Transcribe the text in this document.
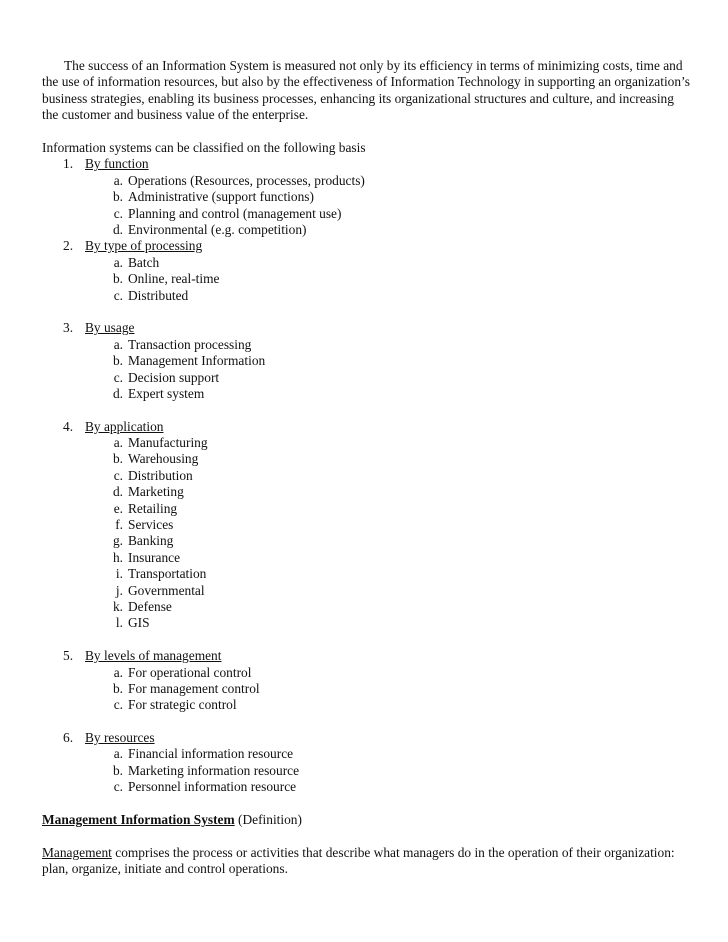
The success of an Information System is measured not only by its efficiency in terms of minimizing costs, time and the use of information resources, but also by the effectiveness of Information Technology in supporting an organization’s business strategies, enabling its business processes, enhancing its organizational structures and culture, and increasing the customer and business value of the enterprise.

Information systems can be classified on the following basis

1. By function
a. Operations (Resources, processes, products)
b. Administrative (support functions)
c. Planning and control (management use)
d. Environmental (e.g. competition)
2. By type of processing
a. Batch
b. Online, real-time
c. Distributed
3. By usage
a. Transaction processing
b. Management Information
c. Decision support
d. Expert system
4. By application
a. Manufacturing
b. Warehousing
c. Distribution
d. Marketing
e. Retailing
f. Services
g. Banking
h. Insurance
i. Transportation
j. Governmental
k. Defense
l. GIS
5. By levels of management
a. For operational control
b. For management control
c. For strategic control
6. By resources
a. Financial information resource
b. Marketing information resource
c. Personnel information resource

Management Information System (Definition)

Management comprises the process or activities that describe what managers do in the operation of their organization: plan, organize, initiate and control operations.
